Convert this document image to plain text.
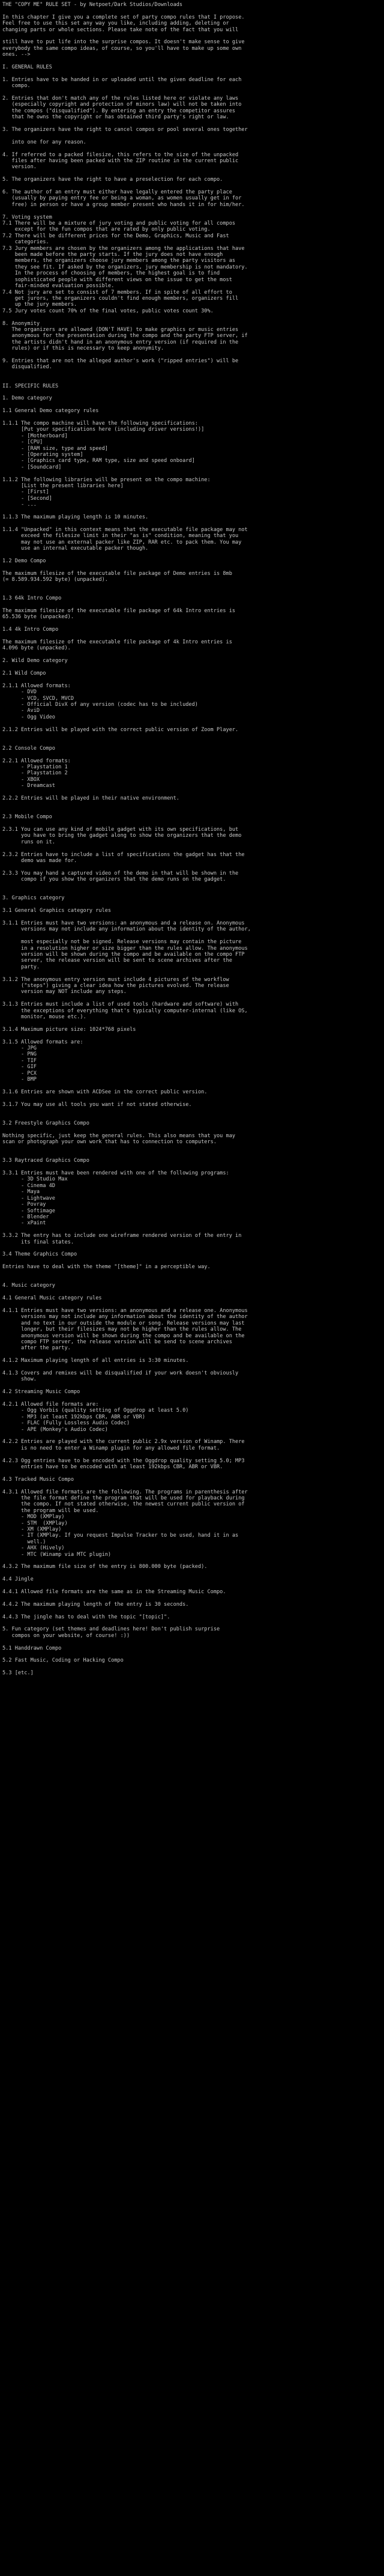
THE "COPY ME" RULE SET - by Netpoet/Dark Studios/Downloads
In this chapter I give you a complete set of party compo rules that I propose.
Feel free to use this set any way you like, including adding, deleting or
changing parts or whole sections. Please take note of the fact that you will
still have to put life into the surprise compos. It doesn't make sense to give
everybody the same compo ideas, of course, so you'll have to make up some own
ones. -->
I. GENERAL RULES
1. Entries have to be handed in or uploaded until the given deadline for each
compo.
2. Entries that don't match any of the rules listed here or violate any laws
(especially copyright and protection of minors law) will not be taken into
the compos ("disqualified"). By entering an entry the competitor assures
that he owns the copyright or has obtained third party's right or law.
3. The organizers have the right to cancel compos or pool several ones together
into one for any reason.
4. If referred to a packed filesize, this refers to the size of the unpacked
files after having been packed with the ZIP routine in the current public
version.
5. The organizers have the right to have a preselection for each compo.
6. The author of an entry must either have legally entered the party place
(usually by paying entry fee or being a woman, as women usually get in for
free) in person or have a group member present who hands it in for him/her.
7. Voting system
7.1 There will be a mixture of jury voting and public voting for all compos
except for the fun compos that are rated by only public voting.
7.2 There will be different prices for the Demo, Graphics, Music and Fast
categories.
7.3 Jury members are chosen by the organizers among the applications that have
been made before the party starts. If the jury does not have enough
members, the organizers choose jury members among the party visitors as
they see fit. If asked by the organizers, jury membership is not mandatory.
In the process of choosing of members, the highest goal is to find
sophisticated people with different views on the issue to get the most
fair-minded evaluation possible.
7.4 Not jury are set to consist of 7 members. If in spite of all effort to
get jurors, the organizers couldn't find enough members, organizers fill
up the jury members.
7.5 Jury votes count 70% of the final votes, public votes count 30%.
8. Anonymity
The organizers are allowed (DON'T HAVE) to make graphics or music entries
anonymous for the presentation during the compo and the party FTP server, if
the artists didn't hand in an anonymous entry version (if required in the
rules) or if this is necessary to keep anonymity.
9. Entries that are not the alleged author's work ("ripped entries") will be
disqualified.
II. SPECIFIC RULES
1. Demo category
1.1 General Demo category rules
1.1.1 The compo machine will have the following specifications:
[Put your specifications here (including driver versions!)]
- [Motherboard]
- [CPU]
- [RAM size, type and speed]
- [Operating system]
- [Graphics card type, RAM type, size and speed onboard]
- [Soundcard]
1.1.2 The following libraries will be present on the compo machine:
[List the present libraries here]
- [First]
- [Second]
- ...
1.1.3 The maximum playing length is 10 minutes.
1.1.4 "Unpacked" in this context means that the executable file package may not
exceed the filesize limit in their "as is" condition, meaning that you
may not use an external packer like ZIP, RAR etc. to pack them. You may
use an internal executable packer though.
1.2 Demo Compo
The maximum filesize of the executable file package of Demo entries is 8mb
(= 8.589.934.592 byte) (unpacked).
1.3 64k Intro Compo
The maximum filesize of the executable file package of 64k Intro entries is
65.536 byte (unpacked).
1.4 4k Intro Compo
The maximum filesize of the executable file package of 4k Intro entries is
4.096 byte (unpacked).
2. Wild Demo category
2.1 Wild Compo
2.1.1 Allowed formats:
- DVD
- VCD, SVCD, MVCD
- Official DivX of any version (codec has to be included)
- AviD
- Ogg Video
2.1.2 Entries will be played with the correct public version of Zoom Player.
2.2 Console Compo
2.2.1 Allowed formats:
- Playstation 1
- Playstation 2
- XBOX
- Dreamcast
2.2.2 Entries will be played in their native environment.
2.3 Mobile Compo
2.3.1 You can use any kind of mobile gadget with its own specifications, but
you have to bring the gadget along to show the organizers that the demo
runs on it.
2.3.2 Entries have to include a list of specifications the gadget has that the
demo was made for.
2.3.3 You may hand a captured video of the demo in that will be shown in the
compo if you show the organizers that the demo runs on the gadget.
3. Graphics category
3.1 General Graphics category rules
3.1.1 Entries must have two versions: an anonymous and a release on. Anonymous
versions may not include any information about the identity of the author,
most especially not be signed. Release versions may contain the picture
in a resolution higher or size bigger than the rules allow. The anonymous
version will be shown during the compo and be available on the compo FTP
server, the release version will be sent to scene archives after the
party.
3.1.2 The anonymous entry version must include 4 pictures of the workflow
("steps") giving a clear idea how the pictures evolved. The release
version may NOT include any steps.
3.1.3 Entries must include a list of used tools (hardware and software) with
the exceptions of everything that's typically computer-internal (like OS,
monitor, mouse etc.).
3.1.4 Maximum picture size: 1024*768 pixels
3.1.5 Allowed formats are:
- JPG
- PNG
- TIF
- GIF
- PCX
- BMP
3.1.6 Entries are shown with ACDSee in the correct public version.
3.1.7 You may use all tools you want if not stated otherwise.
3.2 Freestyle Graphics Compo
Nothing specific, just keep the general rules. This also means that you may
scan or photograph your own work that has to connection to computers.
3.3 Raytraced Graphics Compo
3.3.1 Entries must have been rendered with one of the following programs:
- 3D Studio Max
- Cinema 4D
- Maya
- Lightwave
- Povray
- Softimage
- Blender
- xPaint
3.3.2 The entry has to include one wireframe rendered version of the entry in
its final states.
3.4 Theme Graphics Compo
Entries have to deal with the theme "[theme]" in a perceptible way.
4. Music category
4.1 General Music category rules
4.1.1 Entries must have two versions: an anonymous and a release one. Anonymous
versions may not include any information about the identity of the author
and no text in our outside the module or song. Release versions may last
longer, but their filesizes may not be higher than the rules allow. The
anonymous version will be shown during the compo and be available on the
compo FTP server, the release version will be send to scene archives
after the party.
4.1.2 Maximum playing length of all entries is 3:30 minutes.
4.1.3 Covers and remixes will be disqualified if your work doesn't obviously
show.
4.2 Streaming Music Compo
4.2.1 Allowed file formats are:
- Ogg Vorbis (quality setting of Oggdrop at least 5.0)
- MP3 (at least 192kbps CBR, ABR or VBR)
- FLAC (Fully Lossless Audio Codec)
- APE (Monkey's Audio Codec)
4.2.2 Entries are played with the current public 2.9x version of Winamp. There
is no need to enter a Winamp plugin for any allowed file format.
4.2.3 Ogg entries have to be encoded with the Oggdrop quality setting 5.0; MP3
entries have to be encoded with at least 192kbps CBR, ABR or VBR.
4.3 Tracked Music Compo
4.3.1 Allowed file formats are the following. The programs in parenthesis after
the file format define the program that will be used for playback during
the compo. If not stated otherwise, the newest current public version of
the program will be used.
- MOD (XMPlay)
- STM  (XMPlay)
- XM (XMPlay)
- IT (XMPlay. If you request Impulse Tracker to be used, hand it in as
well.)
- AHX (Hively)
- MTC (Winamp via MTC plugin)
4.3.2 The maximum file size of the entry is 800.000 byte (packed).
4.4 Jingle
4.4.1 Allowed file formats are the same as in the Streaming Music Compo.
4.4.2 The maximum playing length of the entry is 30 seconds.
4.4.3 The jingle has to deal with the topic "[topic]".
5. Fun category (set themes and deadlines here! Don't publish surprise
compos on your website, of course! :))
5.1 Handdrawn Compo
5.2 Fast Music, Coding or Hacking Compo
5.3 [etc.]
